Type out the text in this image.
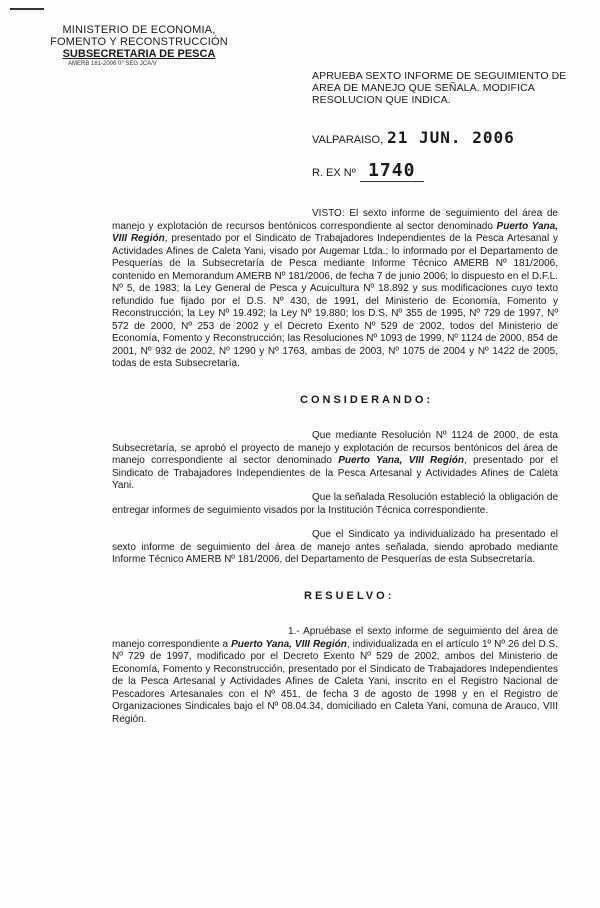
MINISTERIO DE ECONOMIA,
FOMENTO Y RECONSTRUCCIÓN
SUBSECRETARIA DE PESCA
AMERB 181-2006 0° SEG JCA/V
APRUEBA SEXTO INFORME DE SEGUIMIENTO DE AREA DE MANEJO QUE SEÑALA. MODIFICA RESOLUCION QUE INDICA.
VALPARAISO, 21 JUN. 2006
R. EX Nº 1740
VISTO: El sexto informe de seguimiento del área de manejo y explotación de recursos bentónicos correspondiente al sector denominado Puerto Yana, VIII Región, presentado por el Sindicato de Trabajadores Independientes de la Pesca Artesanal y Actividades Afines de Caleta Yani, visado por Augemar Ltda.; lo informado por el Departamento de Pesquerías de la Subsecretaría de Pesca mediante Informe Técnico AMERB Nº 181/2006, contenido en Memorandum AMERB Nº 181/2006, de fecha 7 de junio 2006; lo dispuesto en el D.F.L. Nº 5, de 1983; la Ley General de Pesca y Acuicultura Nº 18.892 y sus modificaciones cuyo texto refundido fue fijado por el D.S. Nº 430, de 1991, del Ministerio de Economía, Fomento y Reconstrucción; la Ley Nº 19.492; la Ley Nº 19.880; los D.S. Nº 355 de 1995, Nº 729 de 1997, Nº 572 de 2000, Nº 253 de 2002 y el Decreto Exento Nº 529 de 2002, todos del Ministerio de Economía, Fomento y Reconstrucción; las Resoluciones Nº 1093 de 1999, Nº 1124 de 2000, 854 de 2001, Nº 932 de 2002, Nº 1290 y Nº 1763, ambas de 2003, Nº 1075 de 2004 y Nº 1422 de 2005, todas de esta Subsecretaría.
CONSIDERANDO:
Que mediante Resolución Nº 1124 de 2000, de esta Subsecretaría, se aprobó el proyecto de manejo y explotación de recursos bentónicos del área de manejo correspondiente al sector denominado Puerto Yana, VIII Región, presentado por el Sindicato de Trabajadores Independientes de la Pesca Artesanal y Actividades Afines de Caleta Yani.
Que la señalada Resolución estableció la obligación de entregar informes de seguimiento visados por la Institución Técnica correspondiente.
Que el Sindicato ya individualizado ha presentado el sexto informe de seguimiento del área de manejo antes señalada, siendo aprobado mediante Informe Técnico AMERB Nº 181/2006, del Departamento de Pesquerías de esta Subsecretaría.
RESUELVO:
1.- Apruébase el sexto informe de seguimiento del área de manejo correspondiente a Puerto Yana, VIII Región, individualizada en el artículo 1º Nº 26 del D.S. Nº 729 de 1997, modificado por el Decreto Exento Nº 529 de 2002, ambos del Ministerio de Economía, Fomento y Reconstrucción, presentado por el Sindicato de Trabajadores Independientes de la Pesca Artesanal y Actividades Afines de Caleta Yani, inscrito en el Registro Nacional de Pescadores Artesanales con el Nº 451, de fecha 3 de agosto de 1998 y en el Registro de Organizaciones Sindicales bajo el Nº 08.04.34, domiciliado en Caleta Yani, comuna de Arauco, VIII Región.
